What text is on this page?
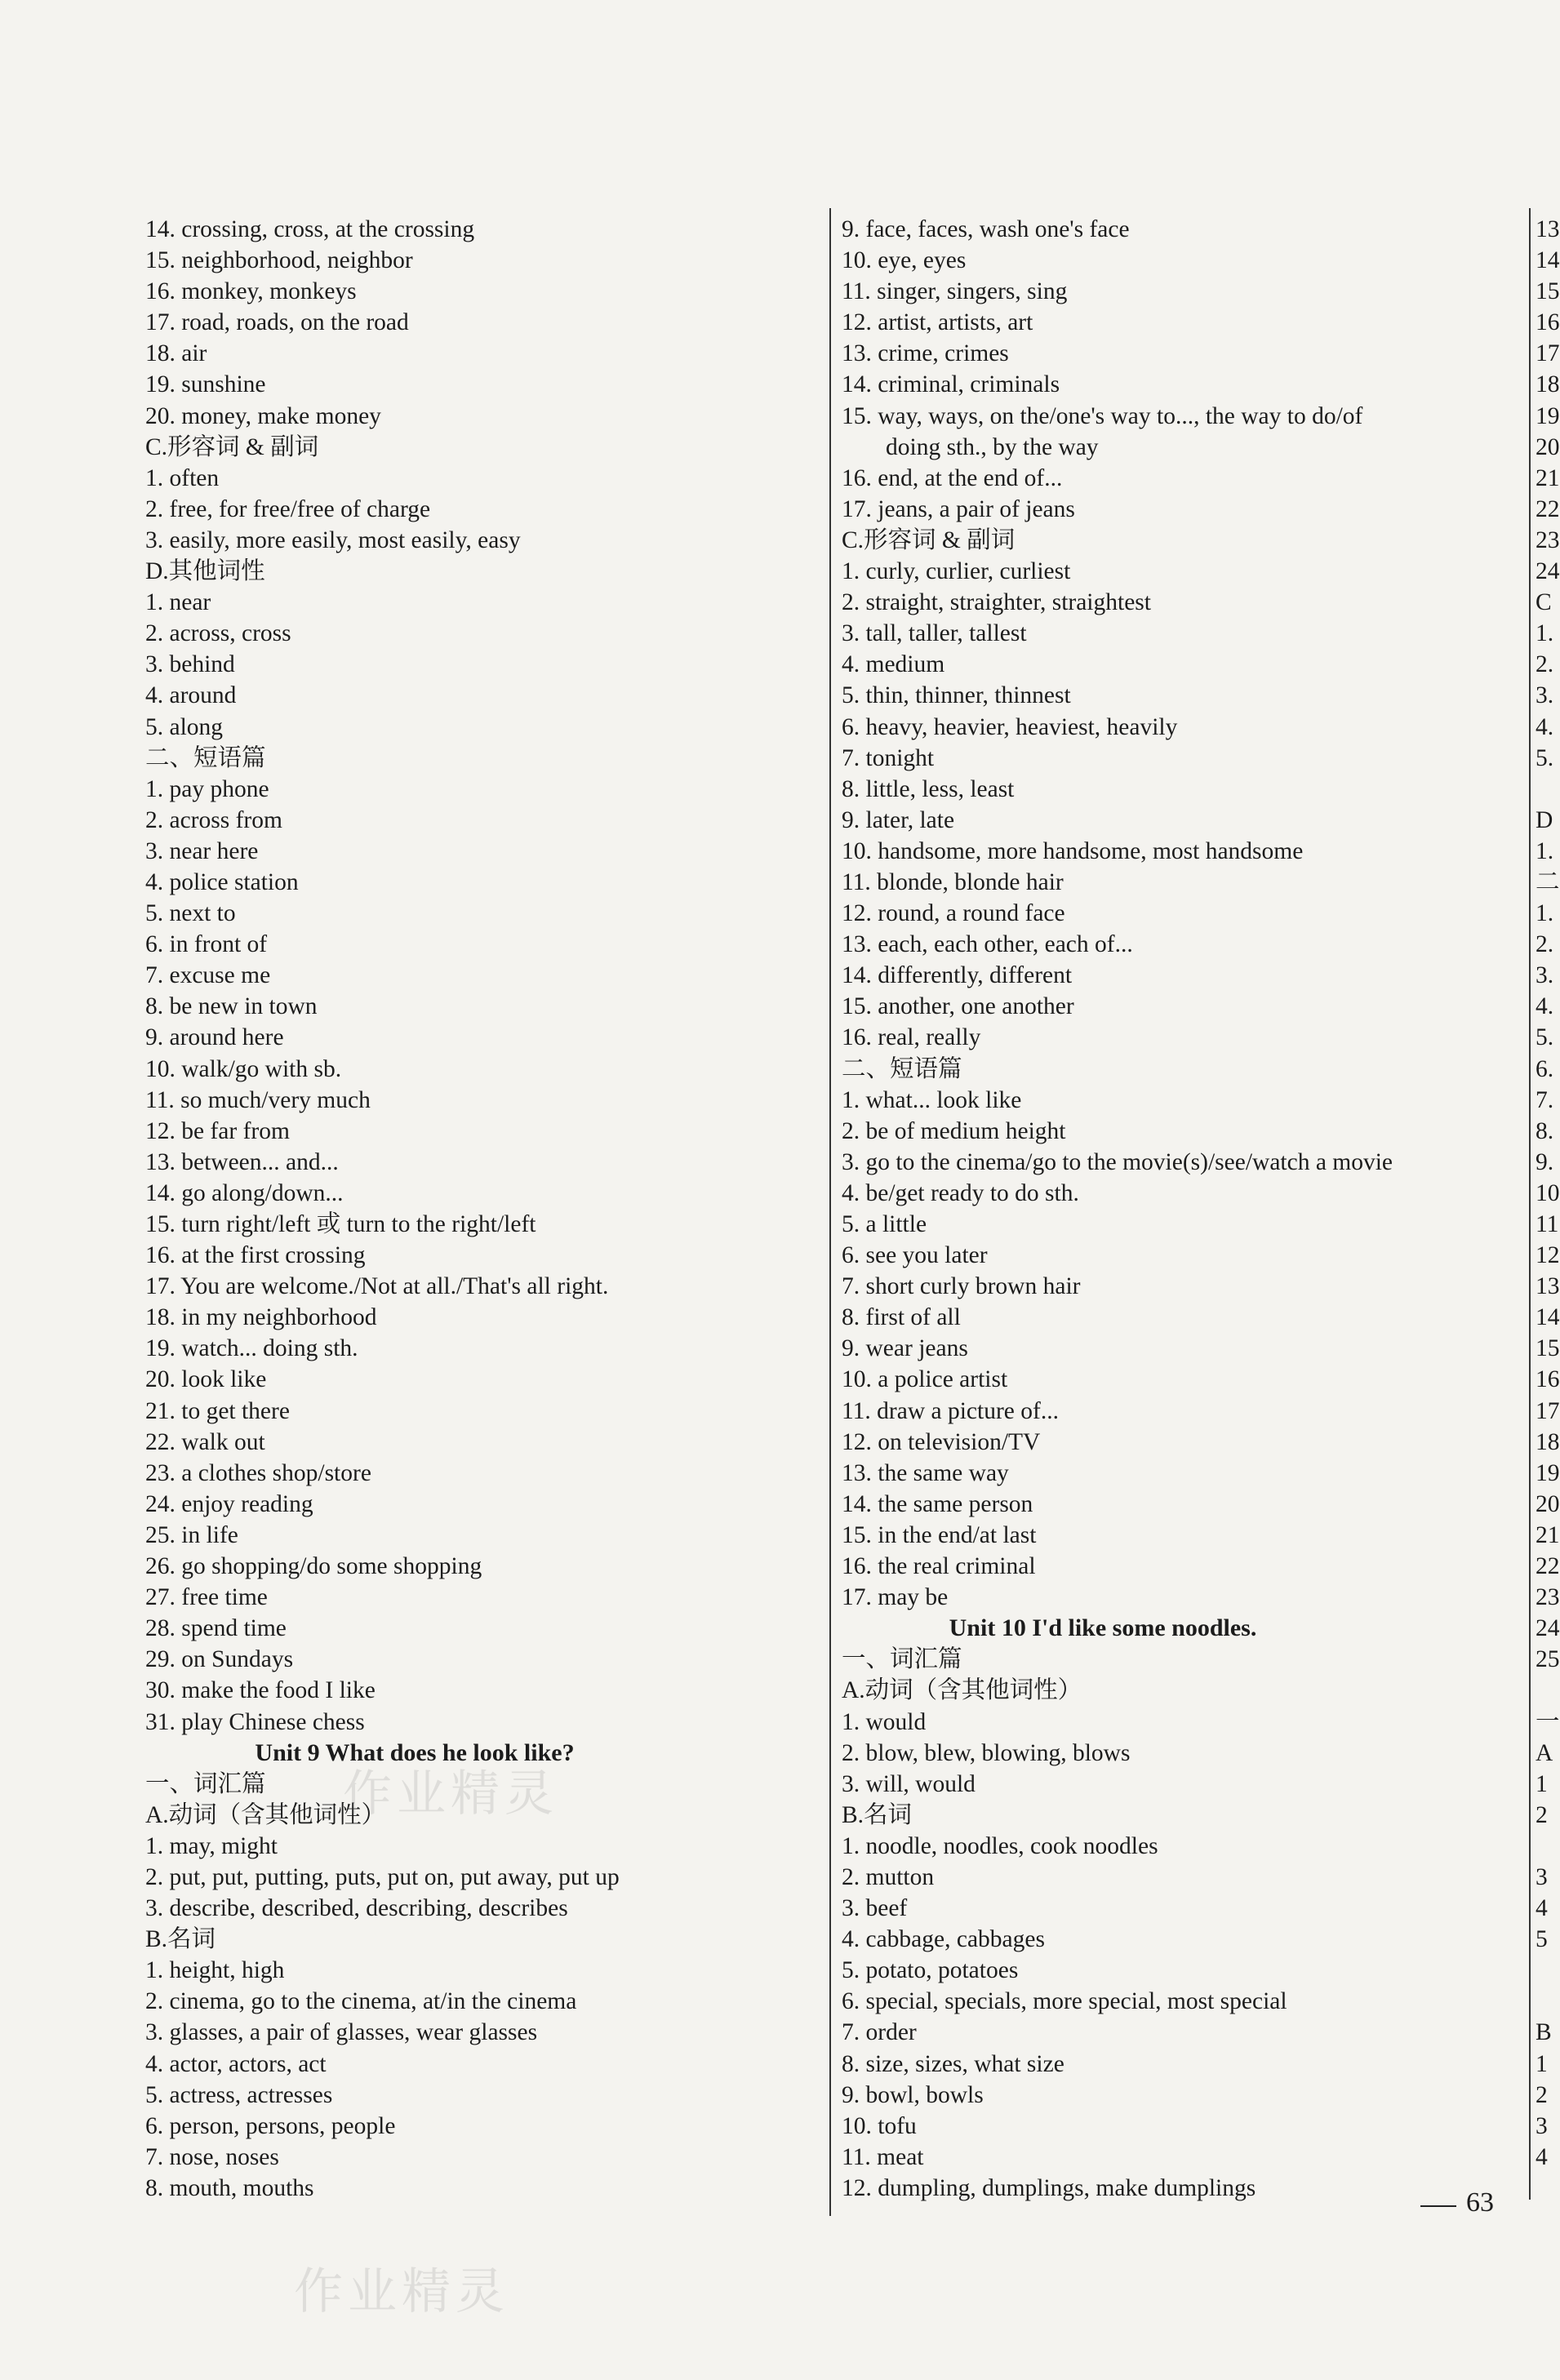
14. crossing, cross, at the crossing
15. neighborhood, neighbor
16. monkey, monkeys
17. road, roads, on the road
18. air
19. sunshine
20. money, make money
C.形容词 & 副词
1. often
2. free, for free/free of charge
3. easily, more easily, most easily, easy
D.其他词性
1. near
2. across, cross
3. behind
4. around
5. along
二、短语篇
1. pay phone
2. across from
3. near here
4. police station
5. next to
6. in front of
7. excuse me
8. be new in town
9. around here
10. walk/go with sb.
11. so much/very much
12. be far from
13. between... and...
14. go along/down...
15. turn right/left 或 turn to the right/left
16. at the first crossing
17. You are welcome./Not at all./That's all right.
18. in my neighborhood
19. watch... doing sth.
20. look like
21. to get there
22. walk out
23. a clothes shop/store
24. enjoy reading
25. in life
26. go shopping/do some shopping
27. free time
28. spend time
29. on Sundays
30. make the food I like
31. play Chinese chess
Unit 9 What does he look like?
一、词汇篇
A.动词（含其他词性）
1. may, might
2. put, put, putting, puts, put on, put away, put up
3. describe, described, describing, describes
B.名词
1. height, high
2. cinema, go to the cinema, at/in the cinema
3. glasses, a pair of glasses, wear glasses
4. actor, actors, act
5. actress, actresses
6. person, persons, people
7. nose, noses
8. mouth, mouths
9. face, faces, wash one's face
10. eye, eyes
11. singer, singers, sing
12. artist, artists, art
13. crime, crimes
14. criminal, criminals
15. way, ways, on the/one's way to..., the way to do/of
doing sth., by the way
16. end, at the end of...
17. jeans, a pair of jeans
C.形容词 & 副词
1. curly, curlier, curliest
2. straight, straighter, straightest
3. tall, taller, tallest
4. medium
5. thin, thinner, thinnest
6. heavy, heavier, heaviest, heavily
7. tonight
8. little, less, least
9. later, late
10. handsome, more handsome, most handsome
11. blonde, blonde hair
12. round, a round face
13. each, each other, each of...
14. differently, different
15. another, one another
16. real, really
二、短语篇
1. what... look like
2. be of medium height
3. go to the cinema/go to the movie(s)/see/watch a movie
4. be/get ready to do sth.
5. a little
6. see you later
7. short curly brown hair
8. first of all
9. wear jeans
10. a police artist
11. draw a picture of...
12. on television/TV
13. the same way
14. the same person
15. in the end/at last
16. the real criminal
17. may be
Unit 10 I'd like some noodles.
一、词汇篇
A.动词（含其他词性）
1. would
2. blow, blew, blowing, blows
3. will, would
B.名词
1. noodle, noodles, cook noodles
2. mutton
3. beef
4. cabbage, cabbages
5. potato, potatoes
6. special, specials, more special, most special
7. order
8. size, sizes, what size
9. bowl, bowls
10. tofu
11. meat
12. dumpling, dumplings, make dumplings
13
14
15
16
17
18
19
20
21
22
23
24
C
1.
2.
3.
4.
5.
D
1.
二
1.
2.
3.
4.
5.
6.
7.
8.
9.
10
11
12
13
14
15
16
17
18
19
20
21
22
23
24
25
一
A
1
2
3
4
5
B
1
2
3
4
作业精灵
作业精灵
63
